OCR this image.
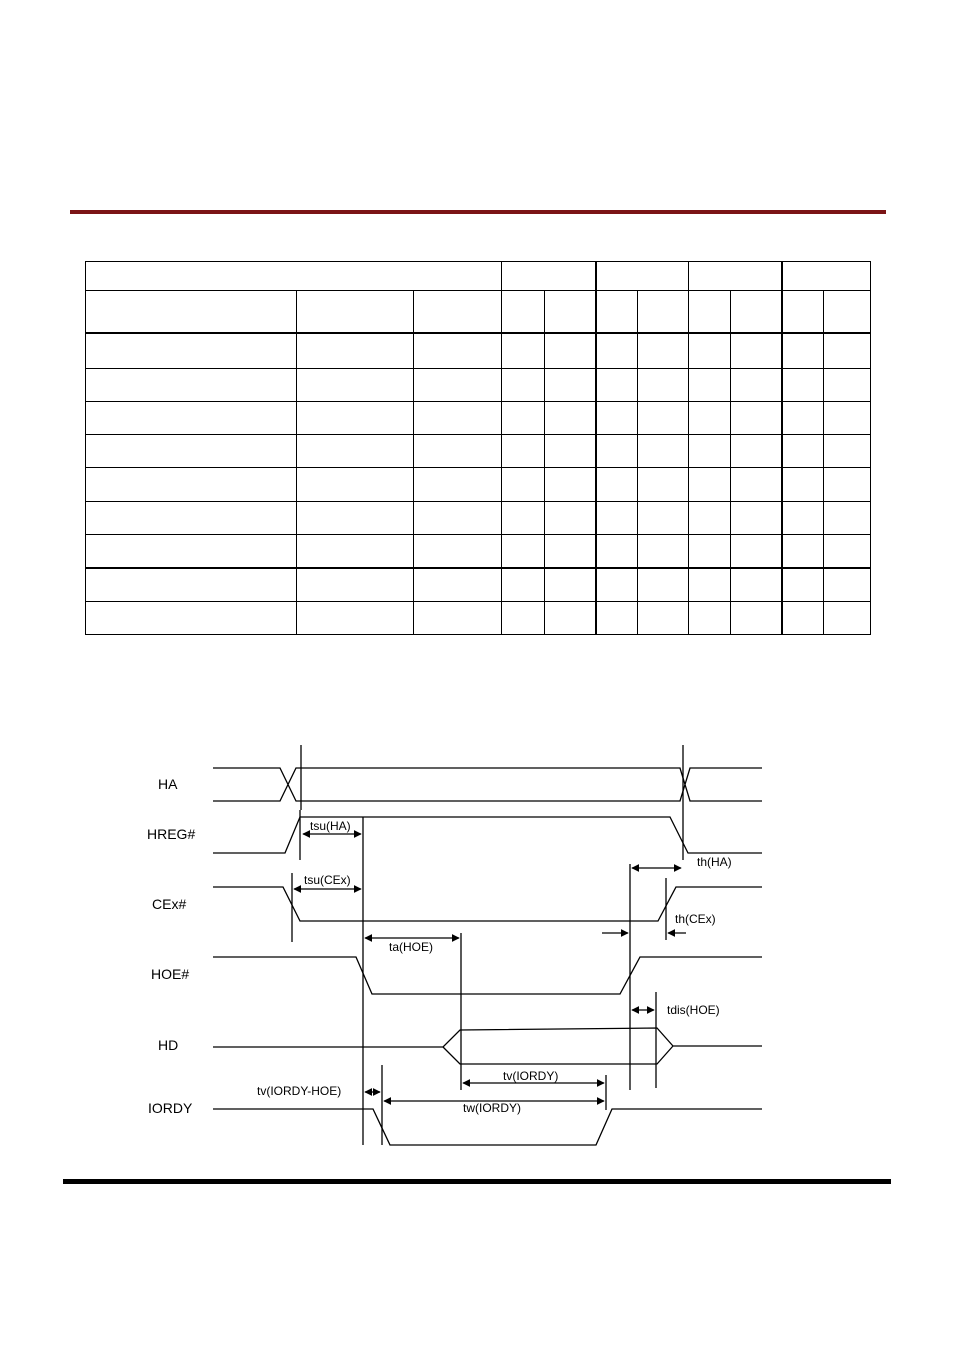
HA
HREG#
CEx#
HOE#
HD
IORDY
tsu(HA)
tsu(CEx)
th(HA)
th(CEx)
ta(HOE)
tdis(HOE)
tv(IORDY)
tv(IORDY-HOE)
tw(IORDY)
